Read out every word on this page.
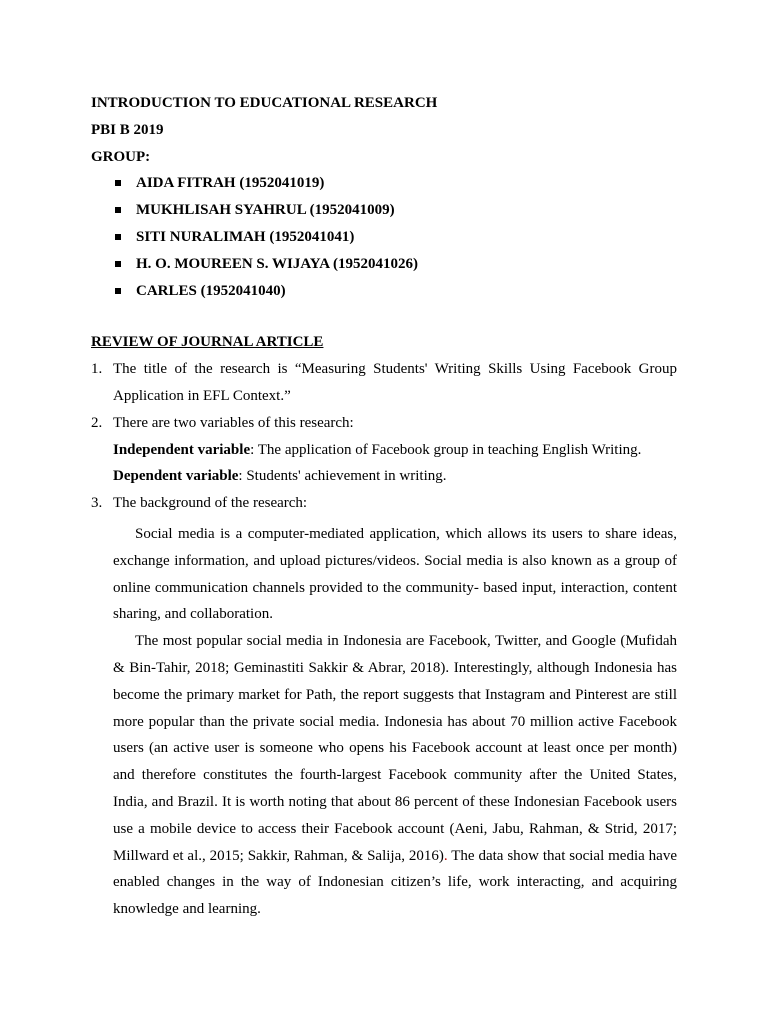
INTRODUCTION TO EDUCATIONAL RESEARCH
PBI B 2019
GROUP:
AIDA FITRAH (1952041019)
MUKHLISAH SYAHRUL (1952041009)
SITI NURALIMAH (1952041041)
H. O. MOUREEN S. WIJAYA (1952041026)
CARLES (1952041040)
REVIEW OF JOURNAL ARTICLE
1. The title of the research is “Measuring Students' Writing Skills Using Facebook Group Application in EFL Context.”
2. There are two variables of this research:
Independent variable: The application of Facebook group in teaching English Writing.
Dependent variable: Students' achievement in writing.
3. The background of the research:
Social media is a computer-mediated application, which allows its users to share ideas, exchange information, and upload pictures/videos. Social media is also known as a group of online communication channels provided to the community- based input, interaction, content sharing, and collaboration.
The most popular social media in Indonesia are Facebook, Twitter, and Google (Mufidah & Bin-Tahir, 2018; Geminastiti Sakkir & Abrar, 2018). Interestingly, although Indonesia has become the primary market for Path, the report suggests that Instagram and Pinterest are still more popular than the private social media. Indonesia has about 70 million active Facebook users (an active user is someone who opens his Facebook account at least once per month) and therefore constitutes the fourth-largest Facebook community after the United States, India, and Brazil. It is worth noting that about 86 percent of these Indonesian Facebook users use a mobile device to access their Facebook account (Aeni, Jabu, Rahman, & Strid, 2017; Millward et al., 2015; Sakkir, Rahman, & Salija, 2016). The data show that social media have enabled changes in the way of Indonesian citizen’s life, work interacting, and acquiring knowledge and learning.
